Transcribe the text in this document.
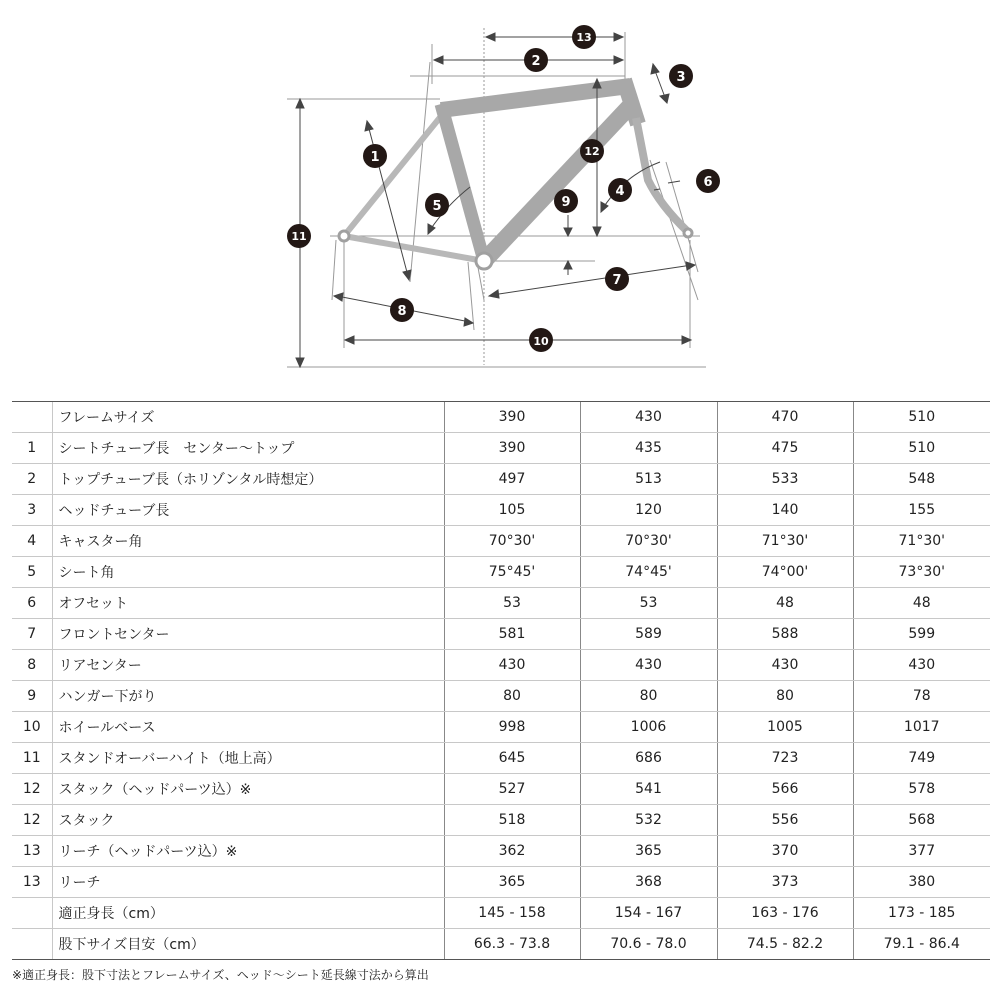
1
2
3
4
5
6
7
8
9
10
11
12
13
	フレームサイズ	390	430	470	510
1	シートチューブ長　センター〜トップ	390	435	475	510
2	トップチューブ長（ホリゾンタル時想定）	497	513	533	548
3	ヘッドチューブ長	105	120	140	155
4	キャスター角	70°30'	70°30'	71°30'	71°30'
5	シート角	75°45'	74°45'	74°00'	73°30'
6	オフセット	53	53	48	48
7	フロントセンター	581	589	588	599
8	リアセンター	430	430	430	430
9	ハンガー下がり	80	80	80	78
10	ホイールベース	998	1006	1005	1017
11	スタンドオーバーハイト（地上高）	645	686	723	749
12	スタック（ヘッドパーツ込）※	527	541	566	578
12	スタック	518	532	556	568
13	リーチ（ヘッドパーツ込）※	362	365	370	377
13	リーチ	365	368	373	380
	適正身長（cm）	145 - 158	154 - 167	163 - 176	173 - 185
	股下サイズ目安（cm）	66.3 - 73.8	70.6 - 78.0	74.5 - 82.2	79.1 - 86.4
※適正身長：股下寸法とフレームサイズ、ヘッド〜シート延長線寸法から算出
